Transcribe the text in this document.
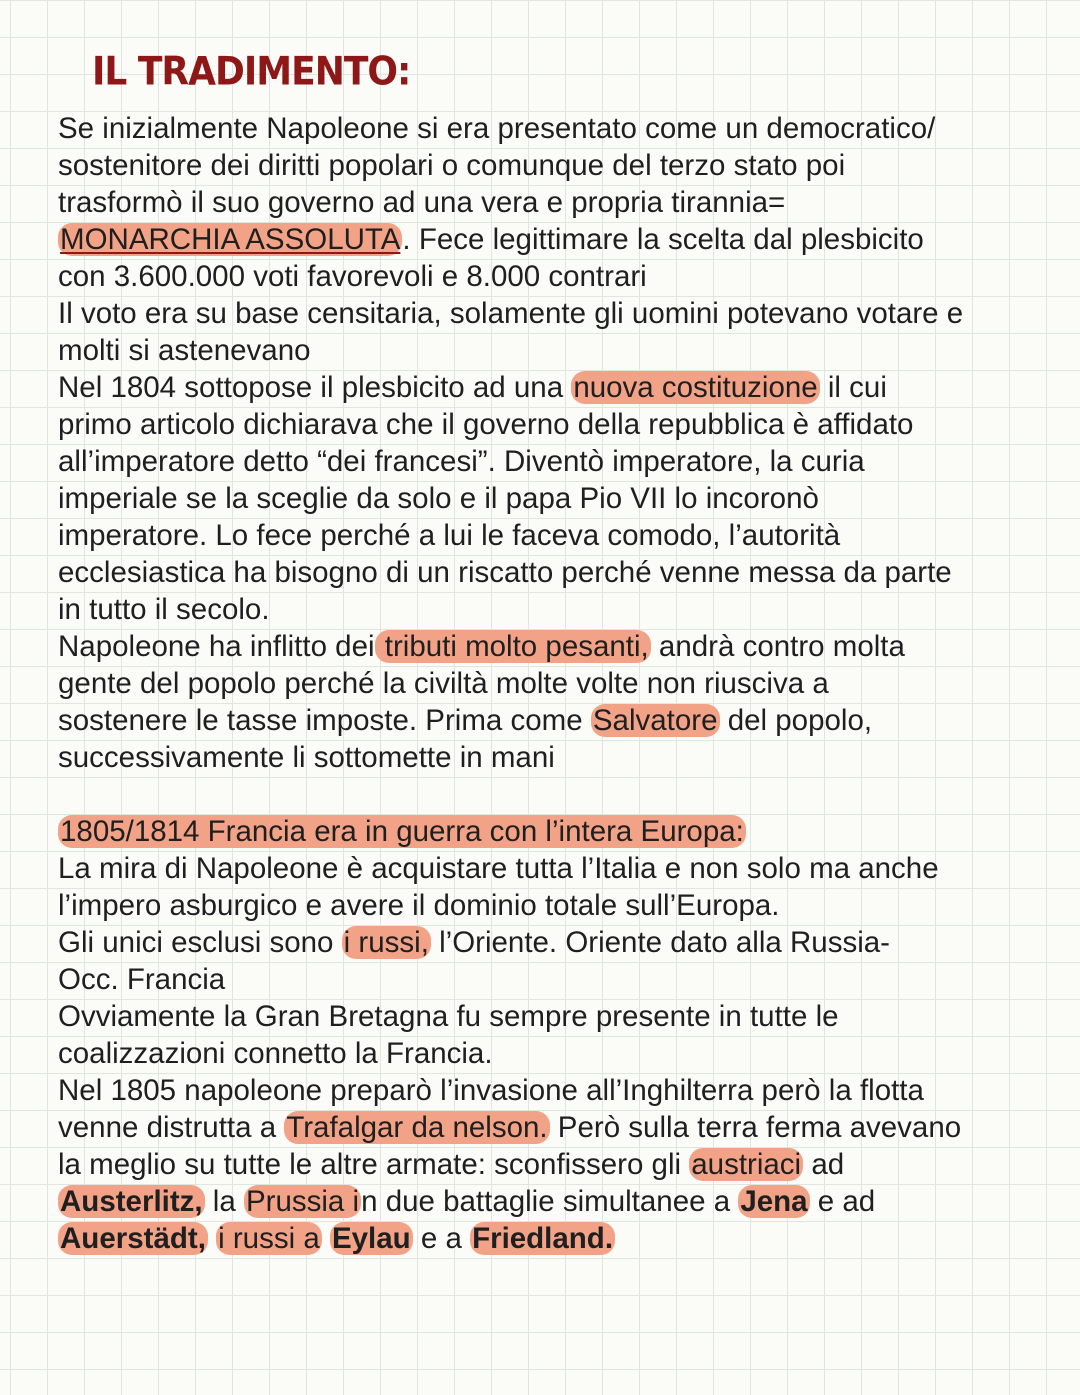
IL TRADIMENTO:
Se inizialmente Napoleone si era presentato come un democratico/
sostenitore dei diritti popolari o comunque del terzo stato poi
trasformò il suo governo ad una vera e propria tirannia=
MONARCHIA ASSOLUTA. Fece legittimare la scelta dal plesbicito
con 3.600.000 voti favorevoli e 8.000 contrari
Il voto era su base censitaria, solamente gli uomini potevano votare e
molti si astenevano
Nel 1804 sottopose il plesbicito ad una nuova costituzione il cui
primo articolo dichiarava che il governo della repubblica è affidato
all’imperatore detto “dei francesi”. Diventò imperatore, la curia
imperiale se la sceglie da solo e il papa Pio VII lo incoronò
imperatore. Lo fece perché a lui le faceva comodo, l’autorità
ecclesiastica ha bisogno di un riscatto perché venne messa da parte
in tutto il secolo.
Napoleone ha inflitto dei tributi molto pesanti, andrà contro molta
gente del popolo perché la civiltà molte volte non riusciva a
sostenere le tasse imposte. Prima come Salvatore del popolo,
successivamente li sottomette in mani
1805/1814 Francia era in guerra con l’intera Europa:
La mira di Napoleone è acquistare tutta l’Italia e non solo ma anche
l’impero asburgico e avere il dominio totale sull’Europa.
Gli unici esclusi sono i russi, l’Oriente. Oriente dato alla Russia-
Occ. Francia
Ovviamente la Gran Bretagna fu sempre presente in tutte le
coalizzazioni connetto la Francia.
Nel 1805 napoleone preparò l’invasione all’Inghilterra però la flotta
venne distrutta a Trafalgar da nelson. Però sulla terra ferma avevano
la meglio su tutte le altre armate: sconfissero gli austriaci ad
Austerlitz, la Prussia in due battaglie simultanee a Jena e ad
Auerstädt, i russi a Eylau e a Friedland.
